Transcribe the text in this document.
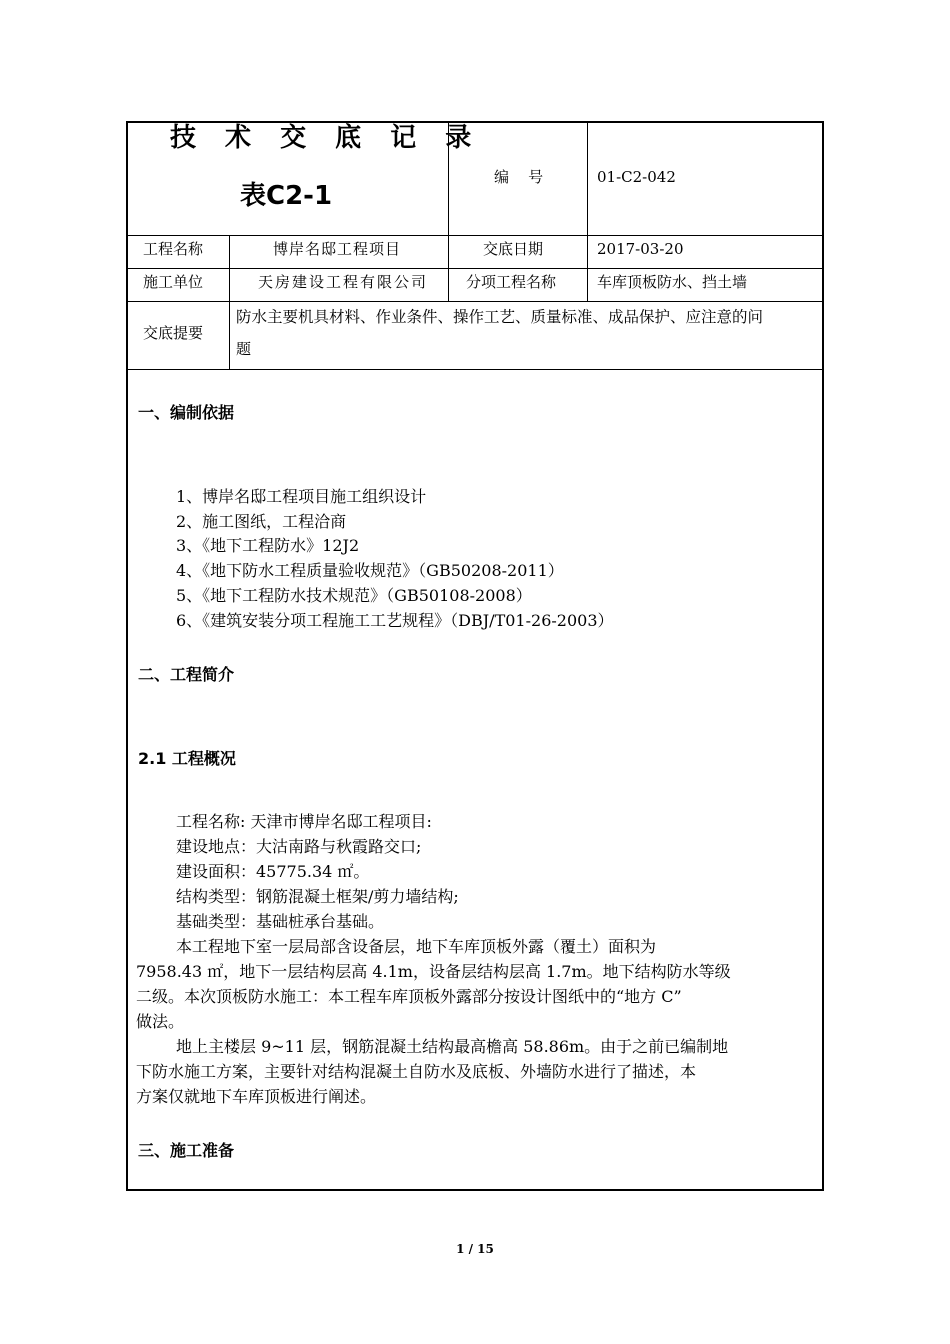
技 术 交 底 记 录
表C2-1
编    号	01-C2-042
工程名称	博岸名邸工程项目	交底日期	2017-03-20
施工单位	天房建设工程有限公司	分项工程名称	车库顶板防水、挡土墙
交底提要
防水主要机具材料、作业条件、操作工艺、质量标准、成品保护、应注意的问
题
一、编制依据
1、博岸名邸工程项目施工组织设计
2、施工图纸，工程洽商
3、《地下工程防水》12J2
4、《地下防水工程质量验收规范》（GB50208-2011）
5、《地下工程防水技术规范》（GB50108-2008）
6、《建筑安装分项工程施工工艺规程》（DBJ/T01-26-2003）
二、工程简介
2.1 工程概况
工程名称: 天津市博岸名邸工程项目:
建设地点：大沽南路与秋霞路交口;
建设面积：45775.34 ㎡。
结构类型：钢筋混凝土框架/剪力墙结构;
基础类型：基础桩承台基础。
本工程地下室一层局部含设备层，地下车库顶板外露（覆土）面积为
7958.43 ㎡，地下一层结构层高 4.1m，设备层结构层高 1.7m。地下结构防水等级
二级。本次顶板防水施工：本工程车库顶板外露部分按设计图纸中的“地方 C”
做法。
地上主楼层 9~11 层，钢筋混凝土结构最高檐高 58.86m。由于之前已编制地
下防水施工方案，主要针对结构混凝土自防水及底板、外墙防水进行了描述，本
方案仅就地下车库顶板进行阐述。
三、施工准备
1 / 15
